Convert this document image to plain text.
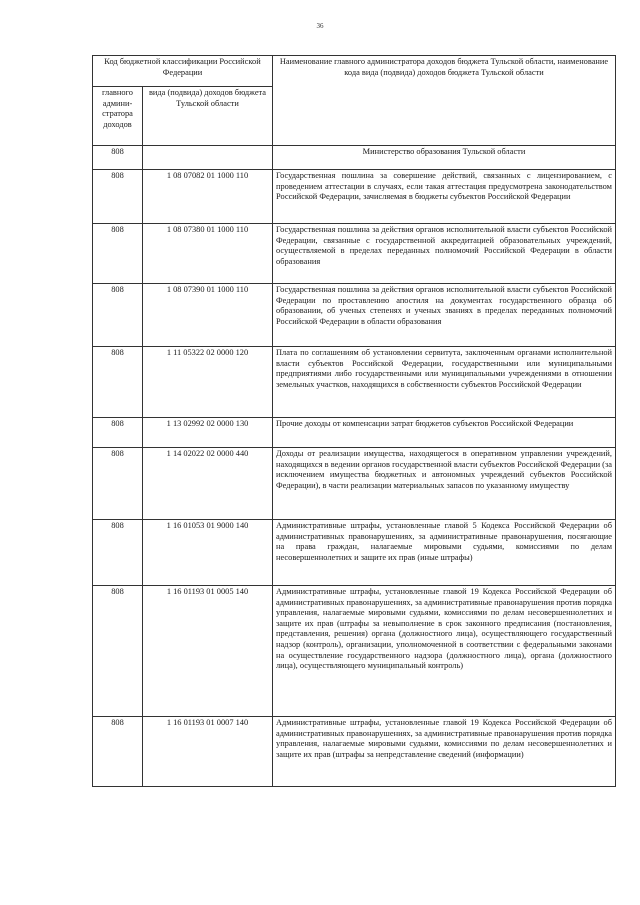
36
Код бюджетной классификации Российской Федерации		Наименование главного администратора доходов бюджета Тульской области, наименование кода вида (подвида) доходов бюджета Тульской области
главного админи-стратора доходов	вида (подвида) доходов бюджета Тульской области	
808		Министерство образования Тульской области
808	1 08 07082 01 1000 110	Государственная пошлина за совершение действий, связанных с лицензированием, с проведением аттестации в случаях, если такая аттестация предусмотрена законодательством Российской Федерации, зачисляемая в бюджеты субъектов Российской Федерации
808	1 08 07380 01 1000 110	Государственная пошлина за действия органов исполнительной власти субъектов Российской Федерации, связанные с государственной аккредитацией образовательных учреждений, осуществляемой в пределах переданных полномочий Российской Федерации в области образования
808	1 08 07390 01 1000 110	Государственная пошлина за действия органов исполнительной власти субъектов Российской Федерации по проставлению апостиля на документах государственного образца об образовании, об ученых степенях и ученых званиях в пределах переданных полномочий Российской Федерации в области образования
808	1 11 05322 02 0000 120	Плата по соглашениям об установлении сервитута, заключенным органами исполнительной власти субъектов Российской Федерации, государственными или муниципальными предприятиями либо государственными или муниципальными учреждениями в отношении земельных участков, находящихся в собственности субъектов Российской Федерации
808	1 13 02992 02 0000 130	Прочие доходы от компенсации затрат бюджетов субъектов Российской Федерации
808	1 14 02022 02 0000 440	Доходы от реализации имущества, находящегося в оперативном управлении учреждений, находящихся в ведении органов государственной власти субъектов Российской Федерации (за исключением имущества бюджетных и автономных учреждений субъектов Российской Федерации), в части реализации материальных запасов по указанному имуществу
808	1 16 01053 01 9000 140	Административные штрафы, установленные главой 5 Кодекса Российской Федерации об административных правонарушениях, за административные правонарушения, посягающие на права граждан, налагаемые мировыми судьями, комиссиями по делам несовершеннолетних и защите их прав (иные штрафы)
808	1 16 01193 01 0005 140	Административные штрафы, установленные главой 19 Кодекса Российской Федерации об административных правонарушениях, за административные правонарушения против порядка управления, налагаемые мировыми судьями, комиссиями по делам несовершеннолетних и защите их прав (штрафы за невыполнение в срок законного предписания (постановления, представления, решения) органа (должностного лица), осуществляющего государственный надзор (контроль), организации, уполномоченной в соответствии с федеральными законами на осуществление государственного надзора (должностного лица), органа (должностного лица), осуществляющего муниципальный контроль)
808	1 16 01193 01 0007 140	Административные штрафы, установленные главой 19 Кодекса Российской Федерации об административных правонарушениях, за административные правонарушения против порядка управления, налагаемые мировыми судьями, комиссиями по делам несовершеннолетних и защите их прав (штрафы за непредставление сведений (информации)
